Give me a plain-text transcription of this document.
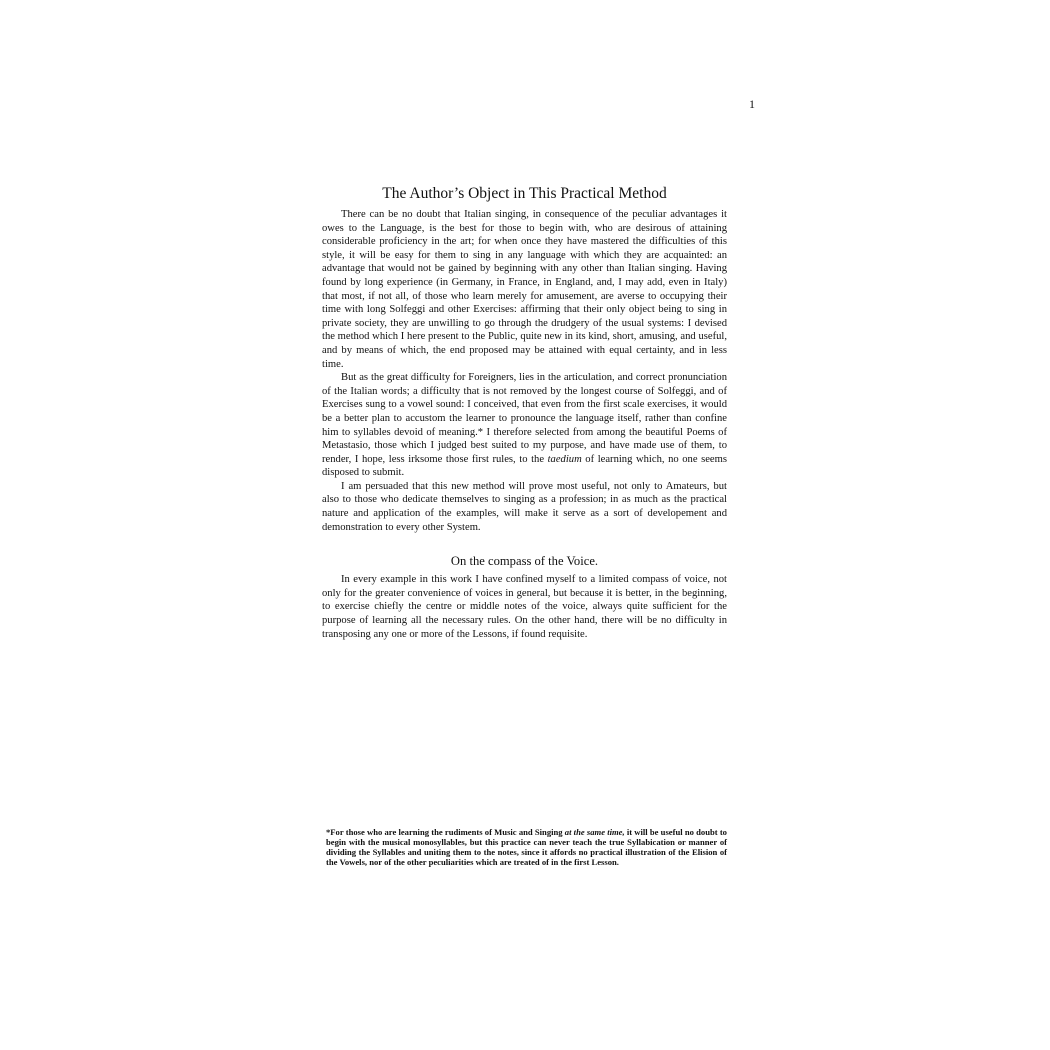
1
The Author’s Object in This Practical Method

There can be no doubt that Italian singing, in consequence of the peculiar advantages it owes to the Language, is the best for those to begin with, who are desirous of attaining considerable proficiency in the art; for when once they have mastered the difficulties of this style, it will be easy for them to sing in any language with which they are acquainted: an advantage that would not be gained by beginning with any other than Italian singing. Having found by long experience (in Germany, in France, in England, and, I may add, even in Italy) that most, if not all, of those who learn merely for amusement, are averse to occupying their time with long Solfeggi and other Exercises: affirming that their only object being to sing in private society, they are unwilling to go through the drudgery of the usual systems: I devised the method which I here present to the Public, quite new in its kind, short, amusing, and useful, and by means of which, the end proposed may be attained with equal certainty, and in less time.

But as the great difficulty for Foreigners, lies in the articulation, and correct pronunciation of the Italian words; a difficulty that is not removed by the longest course of Solfeggi, and of Exercises sung to a vowel sound: I conceived, that even from the first scale exercises, it would be a better plan to accustom the learner to pronounce the language itself, rather than confine him to syllables devoid of meaning.* I therefore selected from among the beautiful Poems of Metastasio, those which I judged best suited to my purpose, and have made use of them, to render, I hope, less irksome those first rules, to the taedium of learning which, no one seems disposed to submit.

I am persuaded that this new method will prove most useful, not only to Amateurs, but also to those who dedicate themselves to singing as a profession; in as much as the practical nature and application of the examples, will make it serve as a sort of developement and demonstration to every other System.

On the compass of the Voice.

In every example in this work I have confined myself to a limited compass of voice, not only for the greater convenience of voices in general, but because it is better, in the beginning, to exercise chiefly the centre or middle notes of the voice, always quite sufficient for the purpose of learning all the necessary rules. On the other hand, there will be no difficulty in transposing any one or more of the Lessons, if found requisite.

*For those who are learning the rudiments of Music and Singing at the same time, it will be useful no doubt to begin with the musical monosyllables, but this practice can never teach the true Syllabication or manner of dividing the Syllables and uniting them to the notes, since it affords no practical illustration of the Elision of the Vowels, nor of the other peculiarities which are treated of in the first Lesson.
